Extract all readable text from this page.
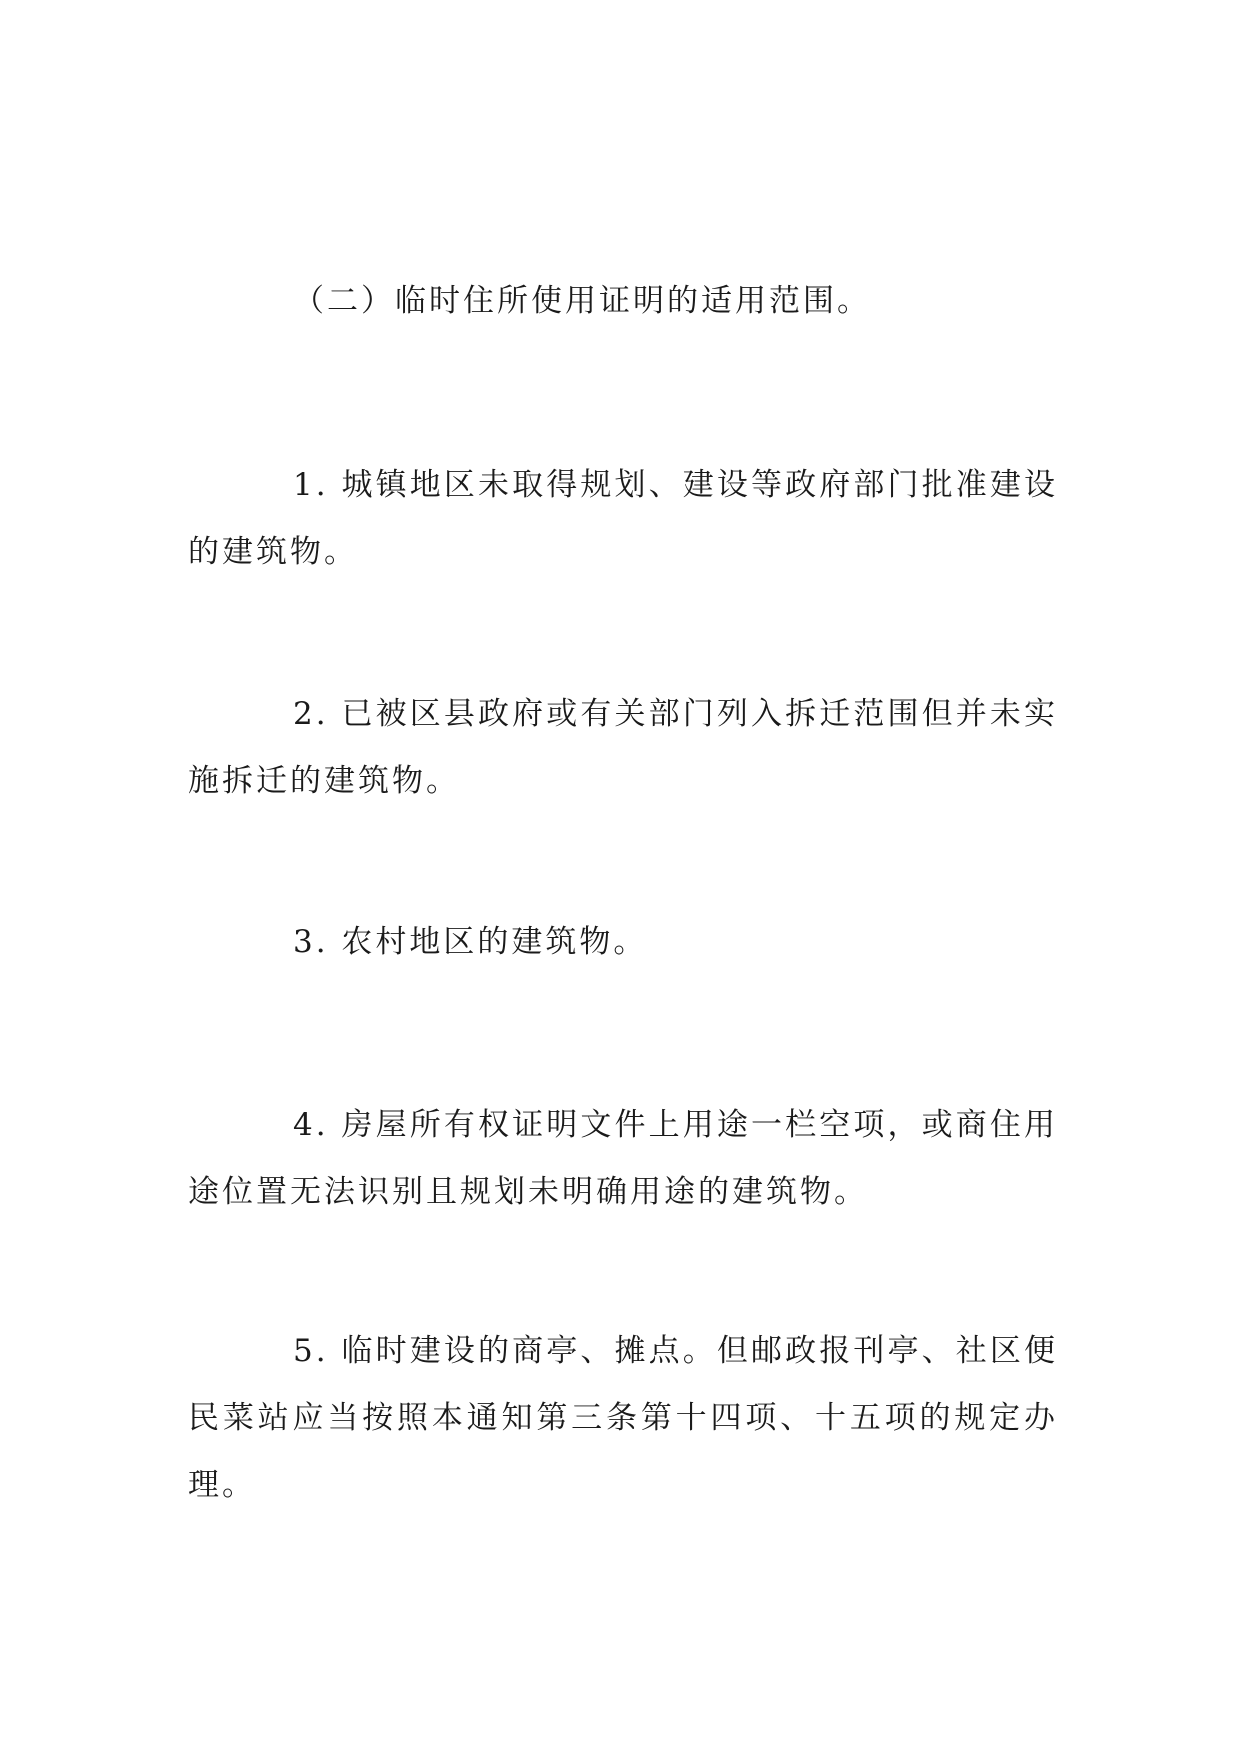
（二）临时住所使用证明的适用范围。

1. 城镇地区未取得规划、建设等政府部门批准建设的建筑物。

2. 已被区县政府或有关部门列入拆迁范围但并未实施拆迁的建筑物。

3. 农村地区的建筑物。

4. 房屋所有权证明文件上用途一栏空项，或商住用途位置无法识别且规划未明确用途的建筑物。

5. 临时建设的商亭、摊点。但邮政报刊亭、社区便民菜站应当按照本通知第三条第十四项、十五项的规定办理。
